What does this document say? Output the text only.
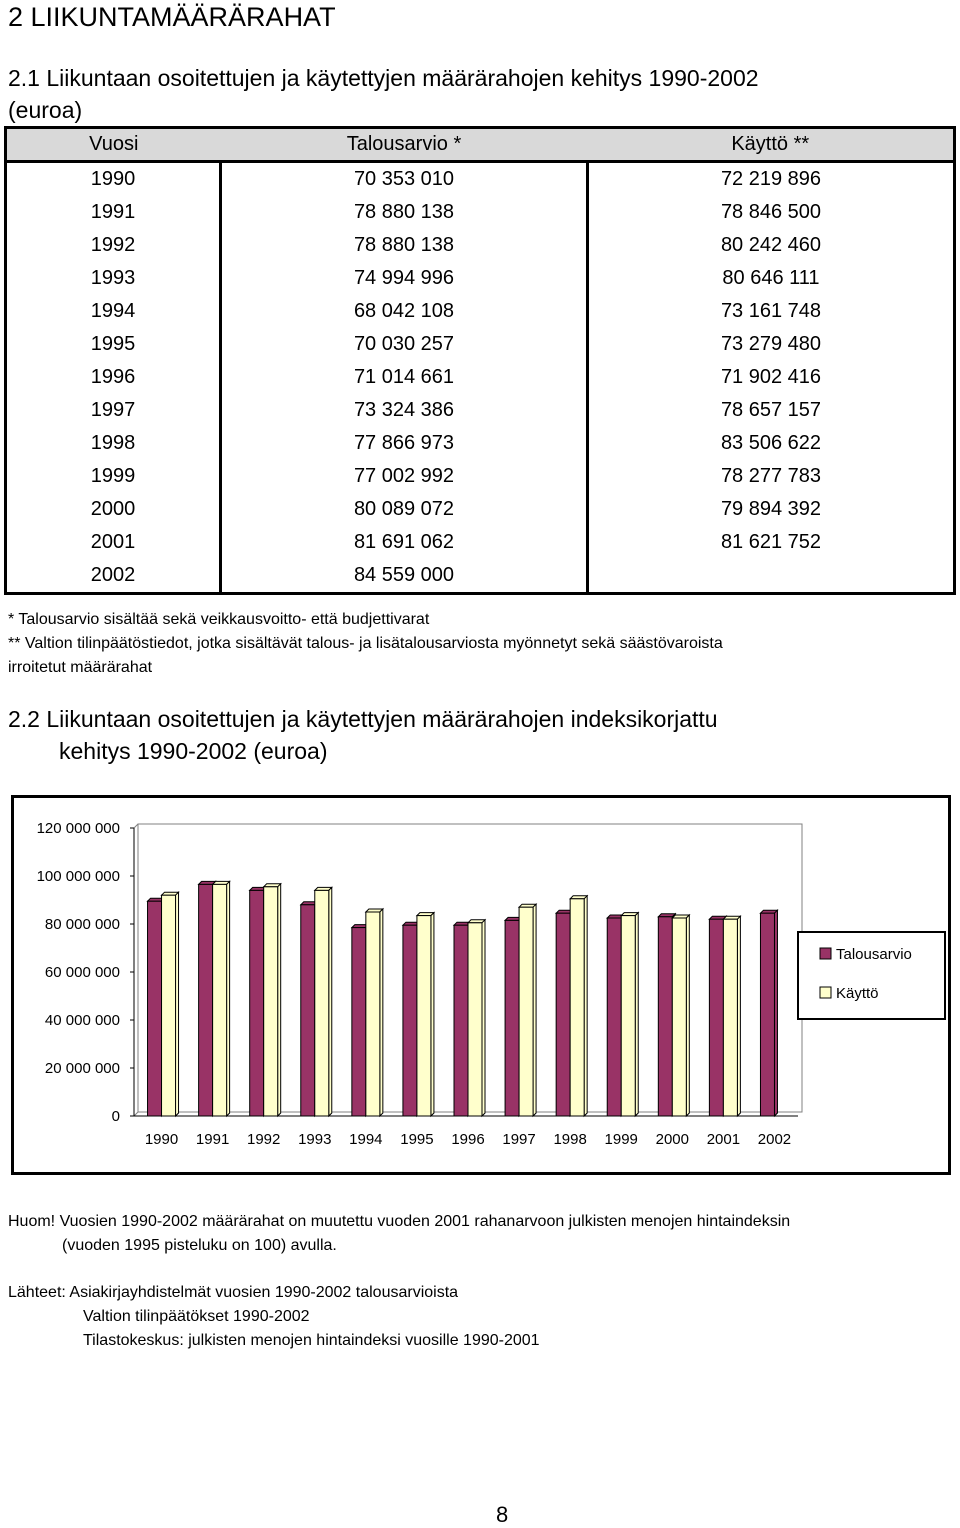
2 LIIKUNTAMÄÄRÄRAHAT
2.1 Liikuntaan osoitettujen ja käytettyjen määrärahojen kehitys 1990-2002
(euroa)
Vuosi	Talousarvio *	Käyttö **
1990	70 353 010	72 219 896
1991	78 880 138	78 846 500
1992	78 880 138	80 242 460
1993	74 994 996	80 646 111
1994	68 042 108	73 161 748
1995	70 030 257	73 279 480
1996	71 014 661	71 902 416
1997	73 324 386	78 657 157
1998	77 866 973	83 506 622
1999	77 002 992	78 277 783
2000	80 089 072	79 894 392
2001	81 691 062	81 621 752
2002	84 559 000	

* Talousarvio sisältää sekä veikkausvoitto- että budjettivarat

** Valtion tilinpäätöstiedot, jotka sisältävät talous- ja lisätalousarviosta myönnetyt sekä säästövaroista

irroitetut määrärahat

2.2 Liikuntaan osoitettujen ja käytettyjen määrärahojen indeksikorjattu
kehitys 1990-2002 (euroa)
0
20 000 000
40 000 000
60 000 000
80 000 000
100 000 000
120 000 000
1990 1991 1992 1993 1994 1995 1996 1997 1998 1999 2000 2001 2002
Talousarvio
Käyttö

Huom! Vuosien 1990-2002 määrärahat on muutettu vuoden 2001 rahanarvoon julkisten menojen hintaindeksin

(vuoden 1995 pisteluku on 100) avulla.

Lähteet: Asiakirjayhdistelmät vuosien 1990-2002 talousarvioista

Valtion tilinpäätökset 1990-2002

Tilastokeskus: julkisten menojen hintaindeksi vuosille 1990-2001

8
